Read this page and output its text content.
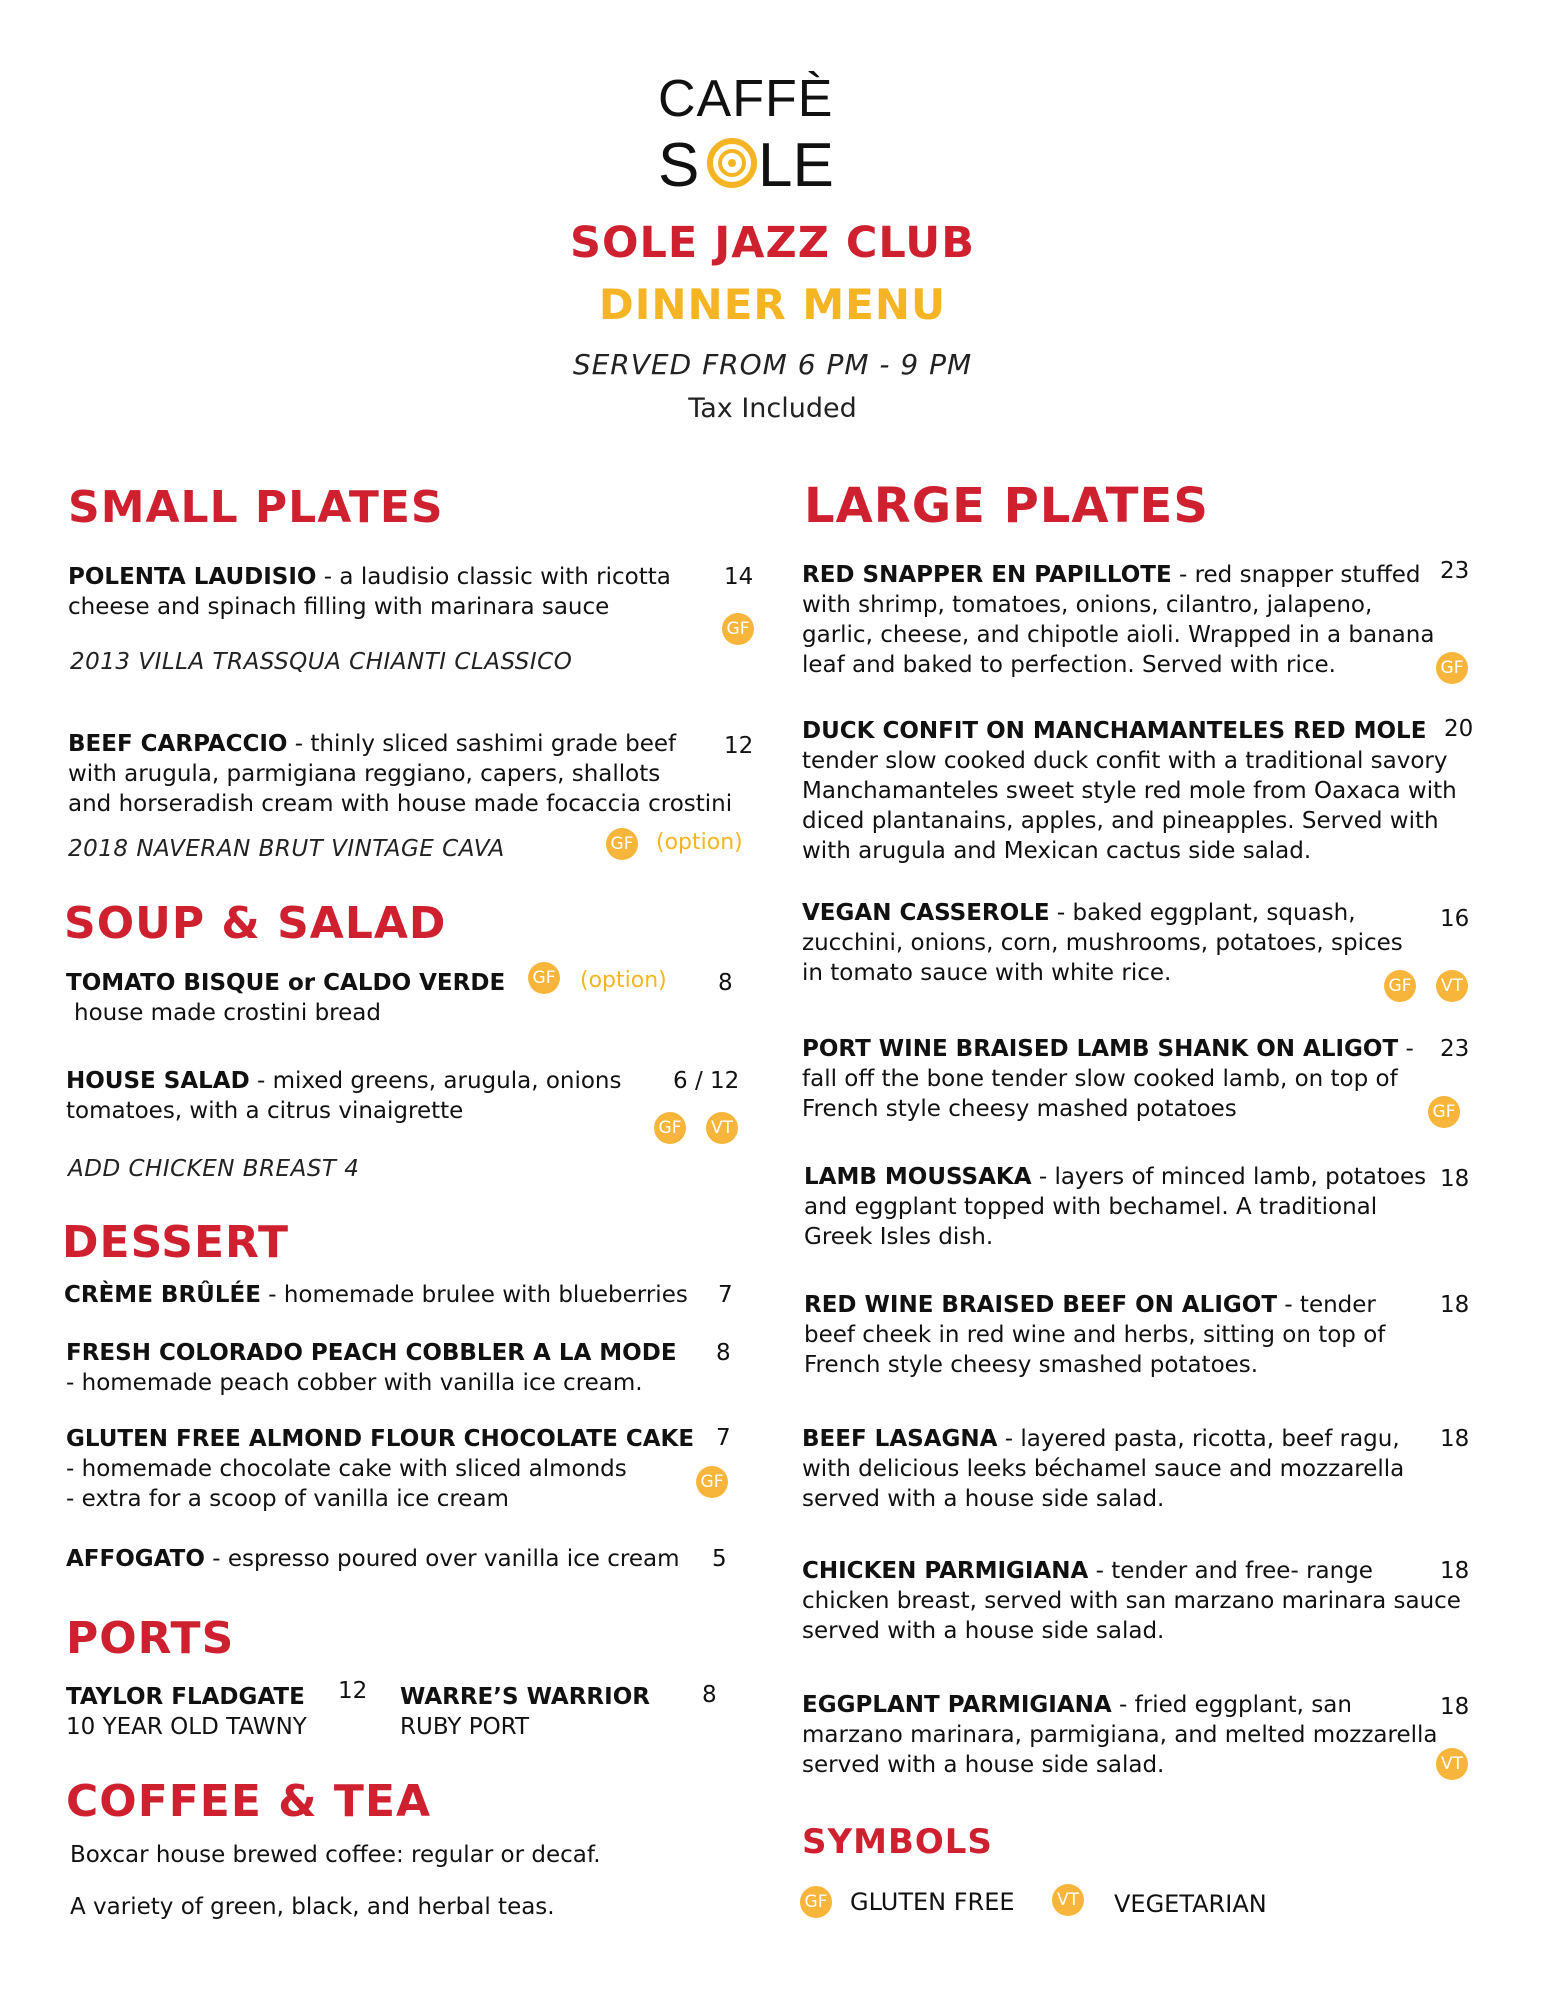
CAFFÈ
S LE
SOLE JAZZ CLUB
DINNER MENU
SERVED FROM 6 PM - 9 PM
Tax Included
SMALL PLATES
POLENTA LAUDISIO - a laudisio classic with ricotta
cheese and spinach filling with marinara sauce
14
GF
2013 VILLA TRASSQUA CHIANTI CLASSICO
BEEF CARPACCIO - thinly sliced sashimi grade beef
with arugula, parmigiana reggiano, capers, shallots
and horseradish cream with house made focaccia crostini
12
2018 NAVERAN BRUT VINTAGE CAVA	GF (option)
SOUP & SALAD
TOMATO BISQUE or CALDO VERDE
house made crostini bread
GF (option) 8
HOUSE SALAD - mixed greens, arugula, onions
tomatoes, with a citrus vinaigrette
6 / 12
GF VT
ADD CHICKEN BREAST 4
DESSERT
CRÈME BRÛLÉE - homemade brulee with blueberries 7
FRESH COLORADO PEACH COBBLER A LA MODE
- homemade peach cobber with vanilla ice cream.
8
GLUTEN FREE ALMOND FLOUR CHOCOLATE CAKE
- homemade chocolate cake with sliced almonds
- extra for a scoop of vanilla ice cream
7
GF
AFFOGATO - espresso poured over vanilla ice cream 5
PORTS
TAYLOR FLADGATE
10 YEAR OLD TAWNY
12 WARRE’S WARRIOR
RUBY PORT
8
COFFEE & TEA
Boxcar house brewed coffee: regular or decaf.
A variety of green, black, and herbal teas.
LARGE PLATES
RED SNAPPER EN PAPILLOTE - red snapper stuffed
with shrimp, tomatoes, onions, cilantro, jalapeno,
garlic, cheese, and chipotle aioli. Wrapped in a banana
leaf and baked to perfection. Served with rice.
23
GF
DUCK CONFIT ON MANCHAMANTELES RED MOLE
tender slow cooked duck confit with a traditional savory
Manchamanteles sweet style red mole from Oaxaca with
diced plantanains, apples, and pineapples. Served with
with arugula and Mexican cactus side salad.
20
VEGAN CASSEROLE - baked eggplant, squash,
zucchini, onions, corn, mushrooms, potatoes, spices
in tomato sauce with white rice.
16
GF VT
PORT WINE BRAISED LAMB SHANK ON ALIGOT -
fall off the bone tender slow cooked lamb, on top of
French style cheesy mashed potatoes
23
GF
LAMB MOUSSAKA - layers of minced lamb, potatoes
and eggplant topped with bechamel. A traditional
Greek Isles dish.
18
RED WINE BRAISED BEEF ON ALIGOT - tender
beef cheek in red wine and herbs, sitting on top of
French style cheesy smashed potatoes.
18
BEEF LASAGNA - layered pasta, ricotta, beef ragu,
with delicious leeks béchamel sauce and mozzarella
served with a house side salad.
18
CHICKEN PARMIGIANA - tender and free- range
chicken breast, served with san marzano marinara sauce
served with a house side salad.
18
EGGPLANT PARMIGIANA - fried eggplant, san
marzano marinara, parmigiana, and melted mozzarella
served with a house side salad.
18
VT
SYMBOLS
GF GLUTEN FREE VT VEGETARIAN
